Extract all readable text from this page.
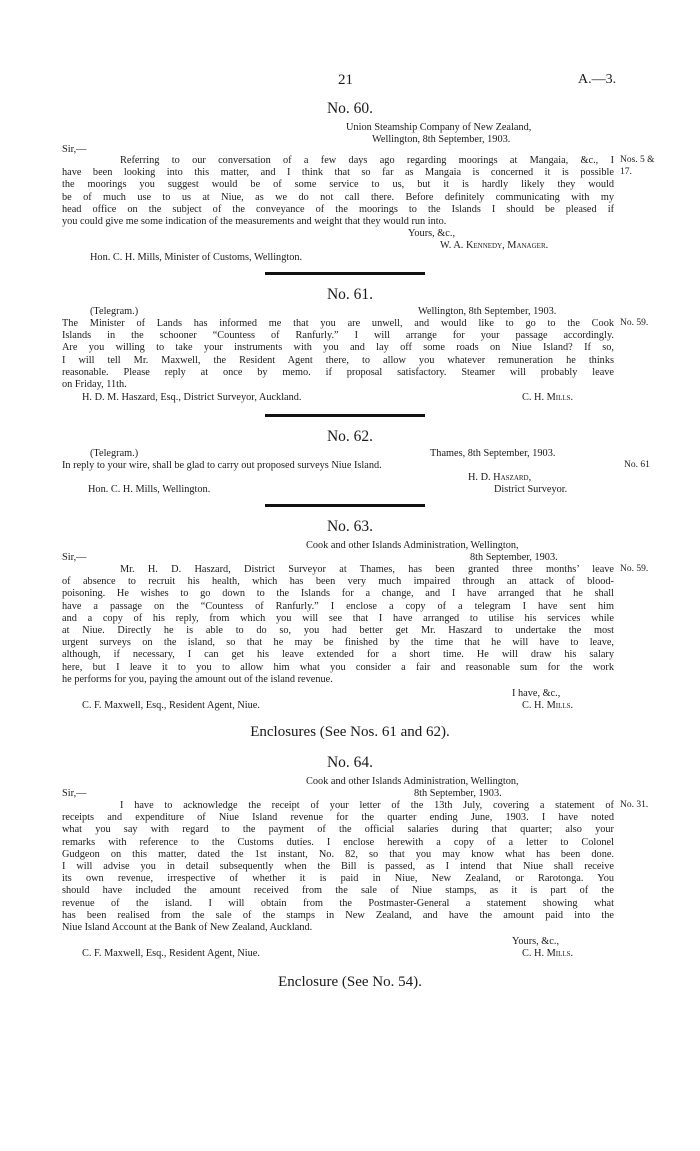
21	A.—3.
No. 60.
Union Steamship Company of New Zealand,
Wellington, 8th September, 1903.
Sir,—
Referring to our conversation of a few days ago regarding moorings at Mangaia, &c., I
have been looking into this matter, and I think that so far as Mangaia is concerned it is possible
the moorings you suggest would be of some service to us, but it is hardly likely they would
be of much use to us at Niue, as we do not call there. Before definitely communicating with my
head office on the subject of the conveyance of the moorings to the Islands I should be pleased if
you could give me some indication of the measurements and weight that they would run into.
Nos. 5 &
17.
Yours, &c.,
W. A. Kennedy, Manager.
Hon. C. H. Mills, Minister of Customs, Wellington.
No. 61.
(Telegram.)	Wellington, 8th September, 1903.
The Minister of Lands has informed me that you are unwell, and would like to go to the Cook
Islands in the schooner “Countess of Ranfurly.” I will arrange for your passage accordingly.
Are you willing to take your instruments with you and lay off some roads on Niue Island? If so,
I will tell Mr. Maxwell, the Resident Agent there, to allow you whatever remuneration he thinks
reasonable. Please reply at once by memo. if proposal satisfactory. Steamer will probably leave
on Friday, 11th.
No. 59.
H. D. M. Haszard, Esq., District Surveyor, Auckland.	C. H. Mills.
No. 62.
(Telegram.)	Thames, 8th September, 1903.
In reply to your wire, shall be glad to carry out proposed surveys Niue Island.	No. 61
H. D. Haszard,
Hon. C. H. Mills, Wellington.	District Surveyor.
No. 63.
Cook and other Islands Administration, Wellington,
8th September, 1903.
Sir,—
Mr. H. D. Haszard, District Surveyor at Thames, has been granted three months’ leave
of absence to recruit his health, which has been very much impaired through an attack of blood-
poisoning. He wishes to go down to the Islands for a change, and I have arranged that he shall
have a passage on the “Countess of Ranfurly.” I enclose a copy of a telegram I have sent him
and a copy of his reply, from which you will see that I have arranged to utilise his services while
at Niue. Directly he is able to do so, you had better get Mr. Haszard to undertake the most
urgent surveys on the island, so that he may be finished by the time that he will have to leave,
although, if necessary, I can get his leave extended for a short time. He will draw his salary
here, but I leave it to you to allow him what you consider a fair and reasonable sum for the work
he performs for you, paying the amount out of the island revenue.
No. 59.
I have, &c.,
C. F. Maxwell, Esq., Resident Agent, Niue.	C. H. Mills.
Enclosures (See Nos. 61 and 62).
No. 64.
Cook and other Islands Administration, Wellington,
Sir,—	8th September, 1903.
I have to acknowledge the receipt of your letter of the 13th July, covering a statement of
receipts and expenditure of Niue Island revenue for the quarter ending June, 1903. I have noted
what you say with regard to the payment of the official salaries during that quarter; also your
remarks with reference to the Customs duties. I enclose herewith a copy of a letter to Colonel
Gudgeon on this matter, dated the 1st instant, No. 82, so that you may know what has been done.
I will advise you in detail subsequently when the Bill is passed, as I intend that Niue shall receive
its own revenue, irrespective of whether it is paid in Niue, New Zealand, or Rarotonga. You
should have included the amount received from the sale of Niue stamps, as it is part of the
revenue of the island. I will obtain from the Postmaster-General a statement showing what
has been realised from the sale of the stamps in New Zealand, and have the amount paid into the
Niue Island Account at the Bank of New Zealand, Auckland.
No. 31.
Yours, &c.,
C. F. Maxwell, Esq., Resident Agent, Niue.	C. H. Mills.
Enclosure (See No. 54).
